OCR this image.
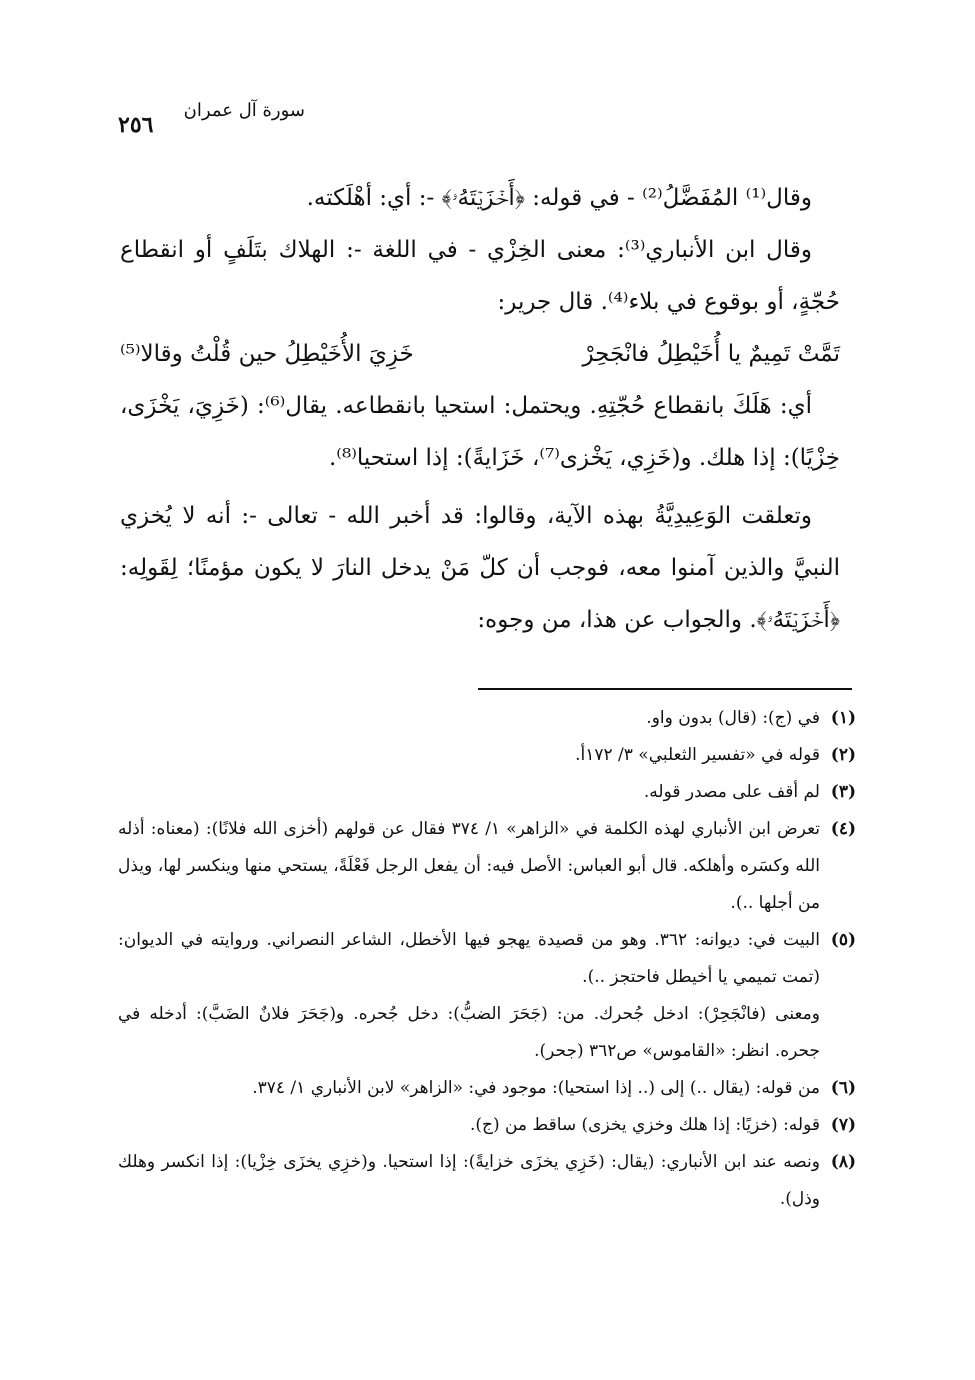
سورة آل عمران
٢٥٦

وقال⁽¹⁾ المُفَضَّلُ⁽²⁾ - في قوله: ﴿أَخۡزَيۡتَهُۥ﴾ -: أي: أهْلَكته.

وقال ابن الأنباري⁽³⁾: معنى الخِزْي - في اللغة -: الهلاك بتَلَفٍ أو انقطاع حُجّةٍ، أو بوقوع في بلاء⁽⁴⁾. قال جرير:

تَمَّتْ تَمِيمٌ يا أُخَيْطِلُ فانْجَحِرْ
خَزِيَ الأُخَيْطِلُ حين قُلْتُ وقالا⁽⁵⁾

أي: هَلَكَ بانقطاع حُجّتِهِ. ويحتمل: استحيا بانقطاعه. يقال⁽⁶⁾: (خَزِيَ، يَخْزَى، خِزْيًا): إذا هلك. و(خَزِي، يَخْزى⁽⁷⁾، خَزَايةً): إذا استحيا⁽⁸⁾.

وتعلقت الوَعِيدِيَّةُ بهذه الآية، وقالوا: قد أخبر الله - تعالى -: أنه لا يُخزي النبيَّ والذين آمنوا معه، فوجب أن كلّ مَنْ يدخل النارَ لا يكون مؤمنًا؛ لِقَولِه: ﴿أَخۡزَيۡتَهُۥ﴾. والجواب عن هذا، من وجوه:

(١)
في (ج): (قال) بدون واو.
(٢)
قوله في «تفسير الثعلبي» ٣/ ١٧٢أ.
(٣)
لم أقف على مصدر قوله.
(٤)
تعرض ابن الأنباري لهذه الكلمة في «الزاهر» ١/ ٣٧٤ فقال عن قولهم (أخزى الله فلانًا): (معناه: أذله الله وكسَره وأهلكه. قال أبو العباس: الأصل فيه: أن يفعل الرجل فَعْلَةً، يستحي منها وينكسر لها، ويذل من أجلها ..).
(٥)
البيت في: ديوانه: ٣٦٢. وهو من قصيدة يهجو فيها الأخطل، الشاعر النصراني. وروايته في الديوان: (تمت تميمي يا أخيطل فاحتجز ..).
ومعنى (فانْجَحِرْ): ادخل جُحرك. من: (جَحَرَ الضبُّ): دخل جُحره. و(جَحَرَ فلانٌ الضَبَّ): أدخله في جحره. انظر: «القاموس» ص٣٦٢ (جحر).
(٦)
من قوله: (يقال ..) إلى (.. إذا استحيا): موجود في: «الزاهر» لابن الأنباري ١/ ٣٧٤.
(٧)
قوله: (خزيًا: إذا هلك وخزي يخزى) ساقط من (ج).
(٨)
ونصه عند ابن الأنباري: (يقال: (خَزِي يخزَى خزايةً): إذا استحيا. و(خزِي يخزَى خِزْيا): إذا انكسر وهلك وذل).
